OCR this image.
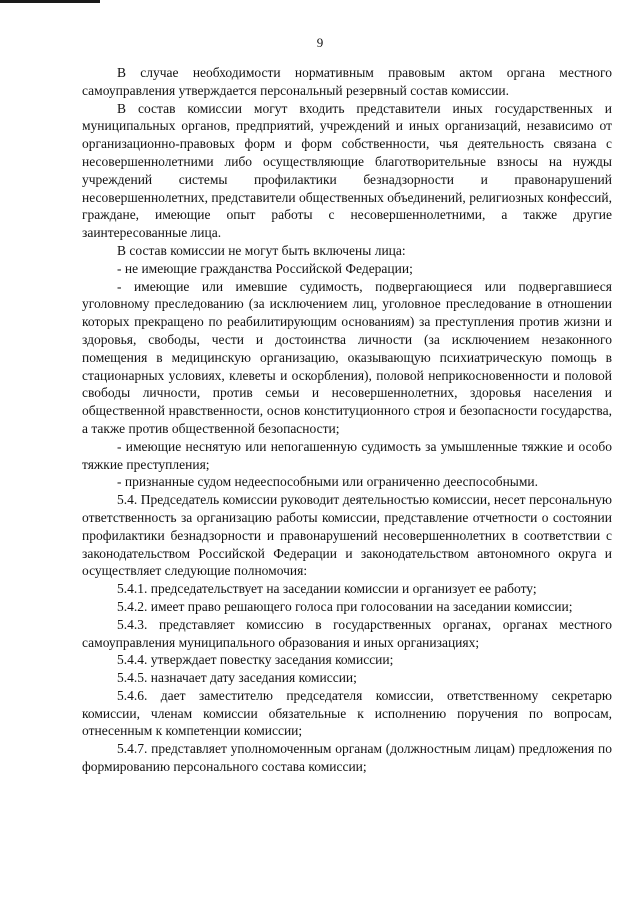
9

В случае необходимости нормативным правовым актом органа местного самоуправления утверждается персональный резервный состав комиссии.

В состав комиссии могут входить представители иных государственных и муниципальных органов, предприятий, учреждений и иных организаций, независимо от организационно-правовых форм и форм собственности, чья деятельность связана с несовершеннолетними либо осуществляющие благотворительные взносы на нужды учреждений системы профилактики безнадзорности и правонарушений несовершеннолетних, представители общественных объединений, религиозных конфессий, граждане, имеющие опыт работы с несовершеннолетними, а также другие заинтересованные лица.

В состав комиссии не могут быть включены лица:

- не имеющие гражданства Российской Федерации;

- имеющие или имевшие судимость, подвергающиеся или подвергавшиеся уголовному преследованию (за исключением лиц, уголовное преследование в отношении которых прекращено по реабилитирующим основаниям) за преступления против жизни и здоровья, свободы, чести и достоинства личности (за исключением незаконного помещения в медицинскую организацию, оказывающую психиатрическую помощь в стационарных условиях, клеветы и оскорбления), половой неприкосновенности и половой свободы личности, против семьи и несовершеннолетних, здоровья населения и общественной нравственности, основ конституционного строя и безопасности государства, а также против общественной безопасности;

- имеющие неснятую или непогашенную судимость за умышленные тяжкие и особо тяжкие преступления;

- признанные судом недееспособными или ограниченно дееспособными.

5.4. Председатель комиссии руководит деятельностью комиссии, несет персональную ответственность за организацию работы комиссии, представление отчетности о состоянии профилактики безнадзорности и правонарушений несовершеннолетних в соответствии с законодательством Российской Федерации и законодательством автономного округа и осуществляет следующие полномочия:

5.4.1. председательствует на заседании комиссии и организует ее работу;

5.4.2. имеет право решающего голоса при голосовании на заседании комиссии;

5.4.3. представляет комиссию в государственных органах, органах местного самоуправления муниципального образования и иных организациях;

5.4.4. утверждает повестку заседания комиссии;

5.4.5. назначает дату заседания комиссии;

5.4.6. дает заместителю председателя комиссии, ответственному секретарю комиссии, членам комиссии обязательные к исполнению поручения по вопросам, отнесенным к компетенции комиссии;

5.4.7. представляет уполномоченным органам (должностным лицам) предложения по формированию персонального состава комиссии;
